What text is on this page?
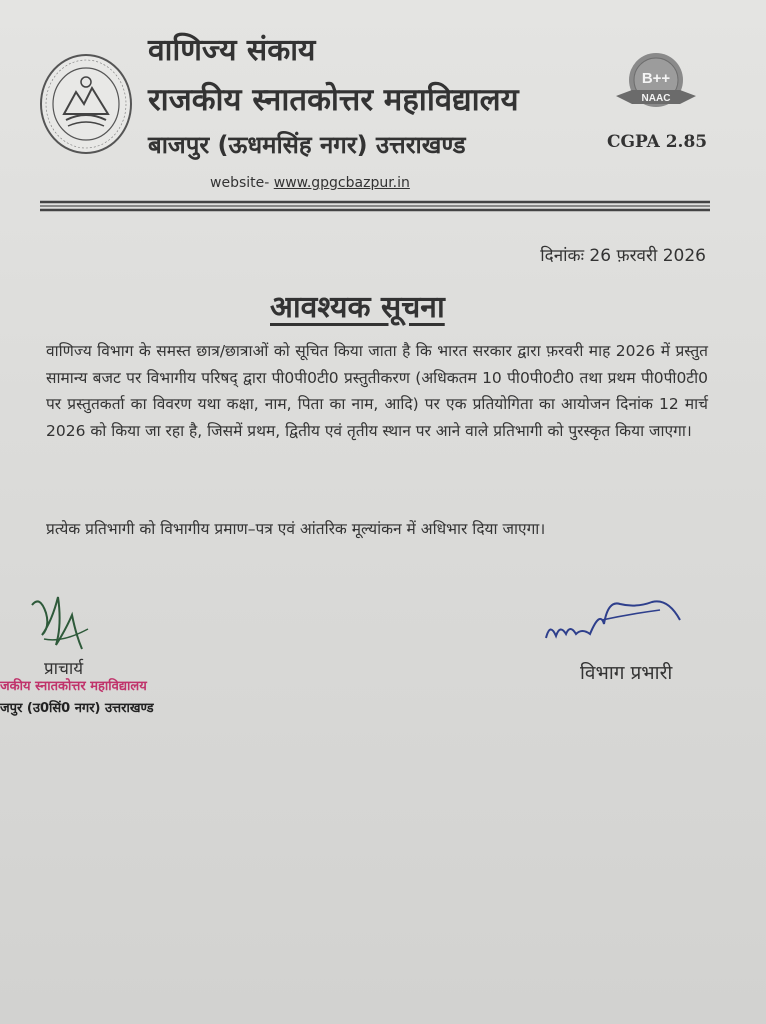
B++
NAAC
वाणिज्य संकाय
राजकीय स्नातकोत्तर महाविद्यालय
बाजपुर (ऊधमसिंह नगर) उत्तराखण्ड	CGPA 2.85
website- www.gpgcbazpur.in
दिनांकः 26 फ़रवरी 2026
आवश्यक सूचना

वाणिज्य विभाग के समस्त छात्र/छात्राओं को सूचित किया जाता है कि भारत सरकार द्वारा फ़रवरी माह 2026 में प्रस्तुत सामान्य बजट पर विभागीय परिषद् द्वारा पी0पी0टी0 प्रस्तुतीकरण (अधिकतम 10 पी0पी0टी0 तथा प्रथम पी0पी0टी0 पर प्रस्तुतकर्ता का विवरण यथा कक्षा, नाम, पिता का नाम, आदि) पर एक प्रतियोगिता का आयोजन दिनांक 12 मार्च 2026 को किया जा रहा है, जिसमें प्रथम, द्वितीय एवं तृतीय स्थान पर आने वाले प्रतिभागी को पुरस्कृत किया जाएगा।

प्रत्येक प्रतिभागी को विभागीय प्रमाण–पत्र एवं आंतरिक मूल्यांकन में अधिभार दिया जाएगा।

प्राचार्य
जकीय स्नातकोत्तर महाविद्यालय
जपुर (उ0सिं0 नगर) उत्तराखण्ड
विभाग प्रभारी
